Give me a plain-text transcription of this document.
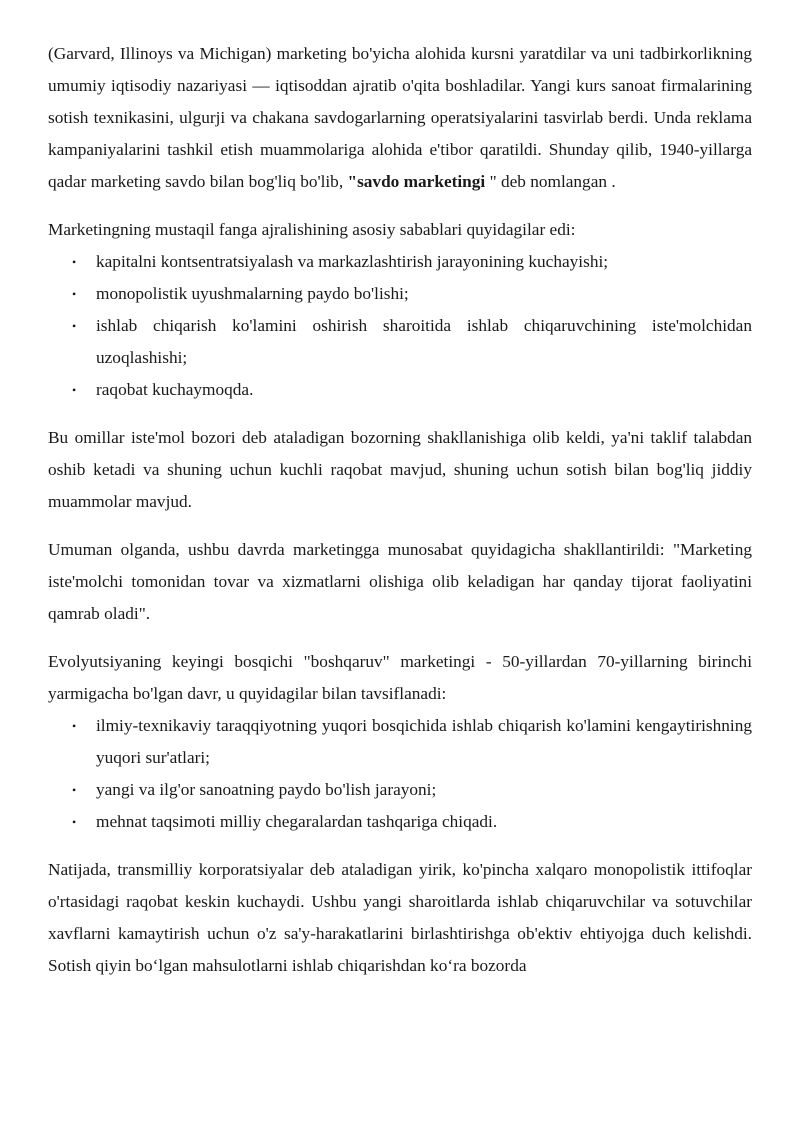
(Garvard, Illinoys va Michigan) marketing bo'yicha alohida kursni yaratdilar va uni tadbirkorlikning umumiy iqtisodiy nazariyasi — iqtisoddan ajratib o'qita boshladilar. Yangi kurs sanoat firmalarining sotish texnikasini, ulgurji va chakana savdogarlarning operatsiyalarini tasvirlab berdi. Unda reklama kampaniyalarini tashkil etish muammolariga alohida e'tibor qaratildi. Shunday qilib, 1940-yillarga qadar marketing savdo bilan bog'liq bo'lib, "savdo marketingi " deb nomlangan .

Marketingning mustaqil fanga ajralishining asosiy sabablari quyidagilar edi:

• kapitalni kontsentratsiyalash va markazlashtirish jarayonining kuchayishi;
• monopolistik uyushmalarning paydo bo'lishi;
• ishlab chiqarish ko'lamini oshirish sharoitida ishlab chiqaruvchining iste'molchidan uzoqlashishi;
• raqobat kuchaymoqda.

Bu omillar iste'mol bozori deb ataladigan bozorning shakllanishiga olib keldi, ya'ni taklif talabdan oshib ketadi va shuning uchun kuchli raqobat mavjud, shuning uchun sotish bilan bog'liq jiddiy muammolar mavjud.

Umuman olganda, ushbu davrda marketingga munosabat quyidagicha shakllantirildi: "Marketing iste'molchi tomonidan tovar va xizmatlarni olishiga olib keladigan har qanday tijorat faoliyatini qamrab oladi".

Evolyutsiyaning keyingi bosqichi "boshqaruv" marketingi - 50-yillardan 70-yillarning birinchi yarmigacha bo'lgan davr, u quyidagilar bilan tavsiflanadi:

• ilmiy-texnikaviy taraqqiyotning yuqori bosqichida ishlab chiqarish ko'lamini kengaytirishning yuqori sur'atlari;
• yangi va ilg'or sanoatning paydo bo'lish jarayoni;
• mehnat taqsimoti milliy chegaralardan tashqariga chiqadi.

Natijada, transmilliy korporatsiyalar deb ataladigan yirik, ko'pincha xalqaro monopolistik ittifoqlar o'rtasidagi raqobat keskin kuchaydi. Ushbu yangi sharoitlarda ishlab chiqaruvchilar va sotuvchilar xavflarni kamaytirish uchun o'z sa'y-harakatlarini birlashtirishga ob'ektiv ehtiyojga duch kelishdi. Sotish qiyin bo‘lgan mahsulotlarni ishlab chiqarishdan ko‘ra bozorda
